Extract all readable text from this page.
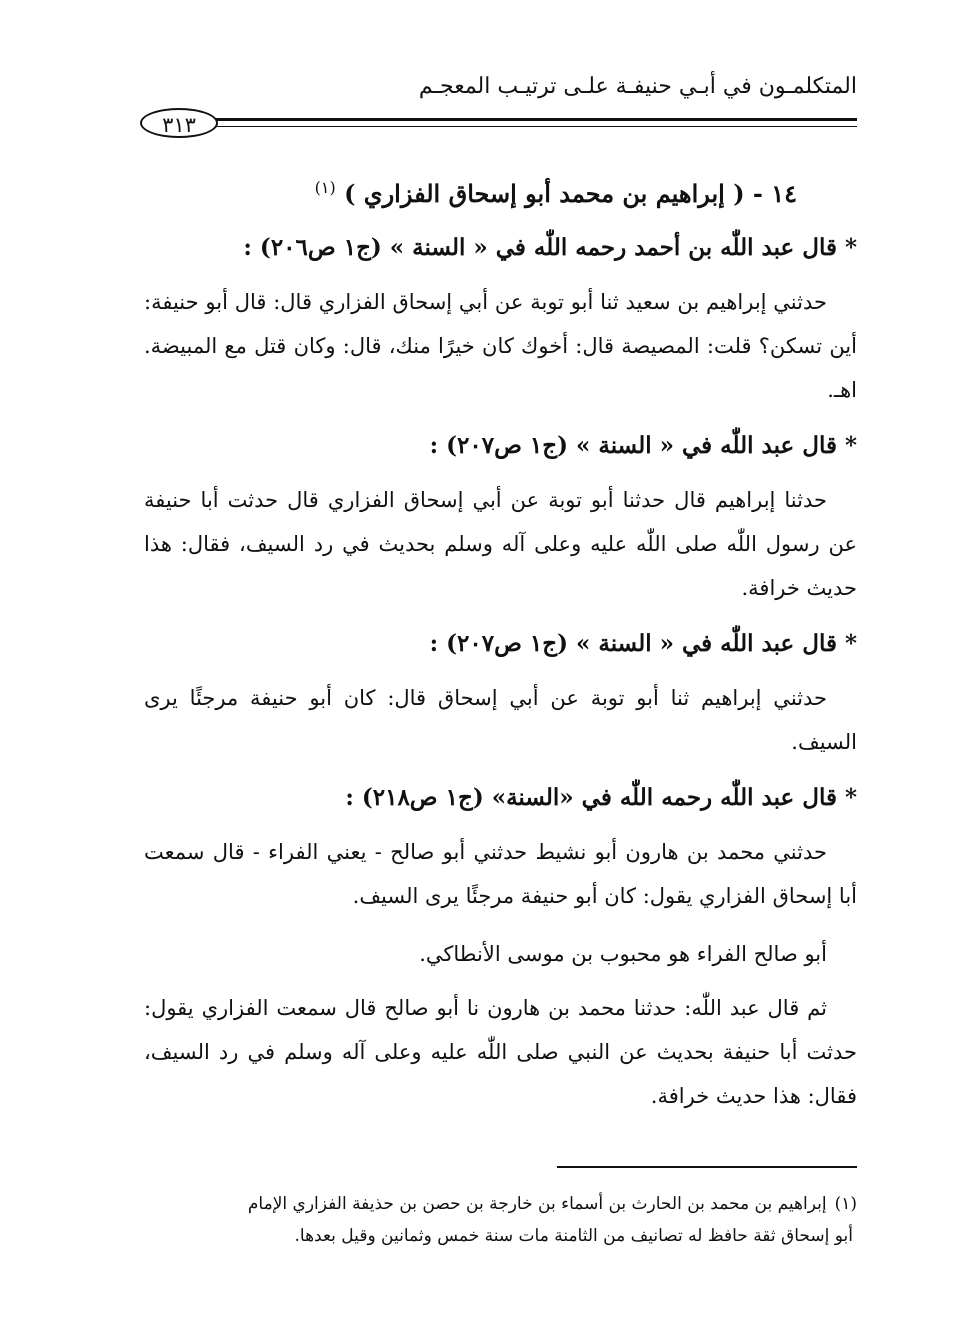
المتكلمـون في أبـي حنيفـة علـى ترتيـب المعجـم
٣١٣
١٤ - ( إبراهيم بن محمد أبو إسحاق الفزاري ) $^{(١)}$
* قال عبد اللّٰه بن أحمد رحمه اللّٰه في « السنة » (ج١ ص٢٠٦) :

حدثني إبراهيم بن سعيد ثنا أبو توبة عن أبي إسحاق الفزاري قال: قال أبو حنيفة: أين تسكن؟ قلت: المصيصة قال: أخوك كان خيرًا منك، قال: وكان قتل مع المبيضة. اهـ.

* قال عبد اللّٰه في « السنة » (ج١ ص٢٠٧) :

حدثنا إبراهيم قال حدثنا أبو توبة عن أبي إسحاق الفزاري قال حدثت أبا حنيفة عن رسول اللّٰه صلى اللّٰه عليه وعلى آله وسلم بحديث في رد السيف، فقال: هذا حديث خرافة.

* قال عبد اللّٰه في « السنة » (ج١ ص٢٠٧) :

حدثني إبراهيم ثنا أبو توبة عن أبي إسحاق قال: كان أبو حنيفة مرجئًا يرى السيف.

* قال عبد اللّٰه رحمه اللّٰه في «السنة» (ج١ ص٢١٨) :

حدثني محمد بن هارون أبو نشيط حدثني أبو صالح - يعني الفراء - قال سمعت أبا إسحاق الفزاري يقول: كان أبو حنيفة مرجئًا يرى السيف.

أبو صالح الفراء هو محبوب بن موسى الأنطاكي.

ثم قال عبد اللّٰه: حدثنا محمد بن هارون نا أبو صالح قال سمعت الفزاري يقول: حدثت أبا حنيفة بحديث عن النبي صلى اللّٰه عليه وعلى آله وسلم في رد السيف، فقال: هذا حديث خرافة.

(١)إبراهيم بن محمد بن الحارث بن أسماء بن خارجة بن حصن بن حذيفة الفزاري الإمام
أبو إسحاق ثقة حافظ له تصانيف من الثامنة مات سنة خمس وثمانين وقيل بعدها.
